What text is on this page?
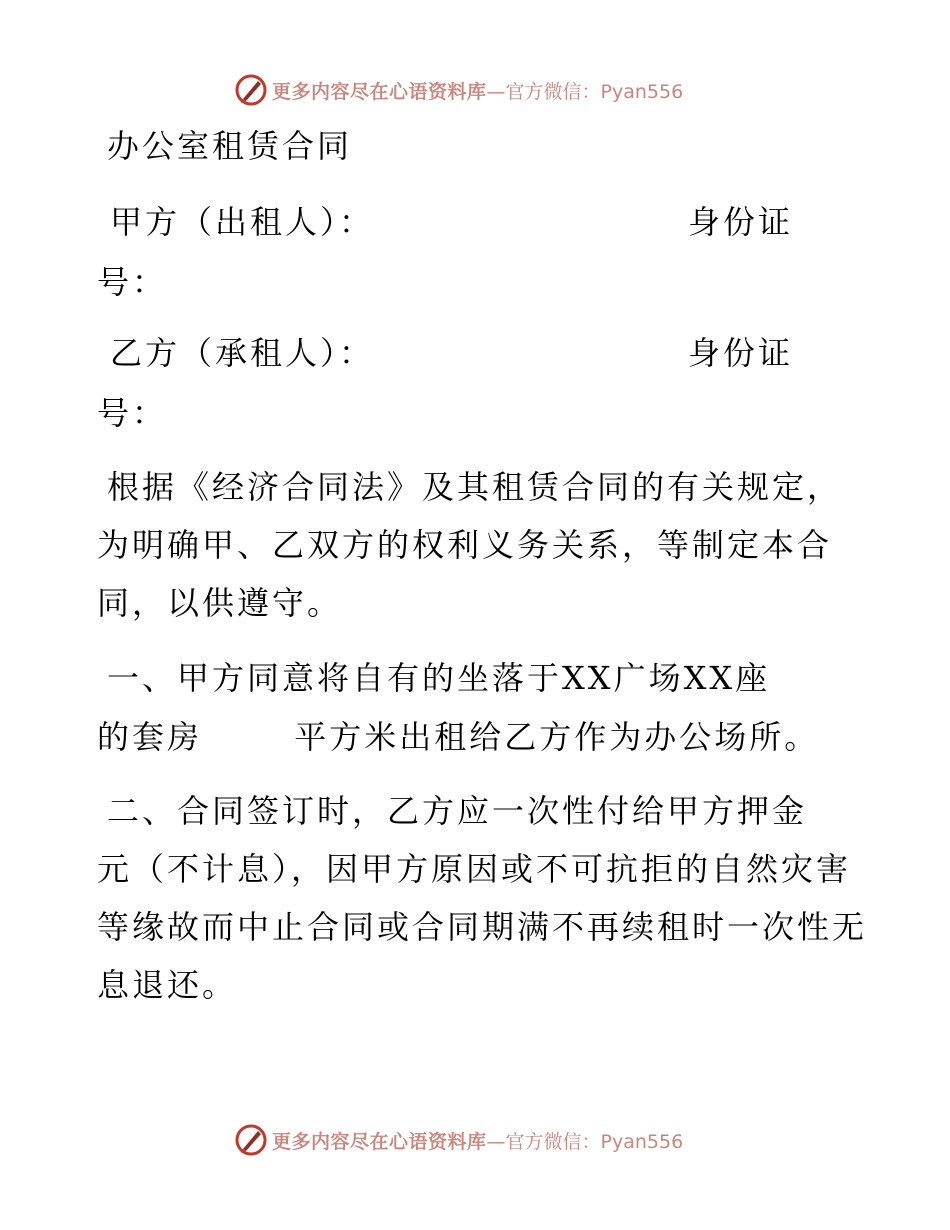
更多内容尽在心语资料库 —官方微信：Pyan556
办公室租赁合同
甲方（出租人）：	身份证
号：
乙方（承租人）：	身份证
号：
根据《经济合同法》及其租赁合同的有关规定，
为明确甲、乙双方的权利义务关系，等制定本合
同，以供遵守。
一、甲方同意将自有的坐落于XX广场XX座
的套房       平方米出租给乙方作为办公场所。
二、合同签订时，乙方应一次性付给甲方押金
元（不计息），因甲方原因或不可抗拒的自然灾害
等缘故而中止合同或合同期满不再续租时一次性无
息退还。
更多内容尽在心语资料库 —官方微信：Pyan556
